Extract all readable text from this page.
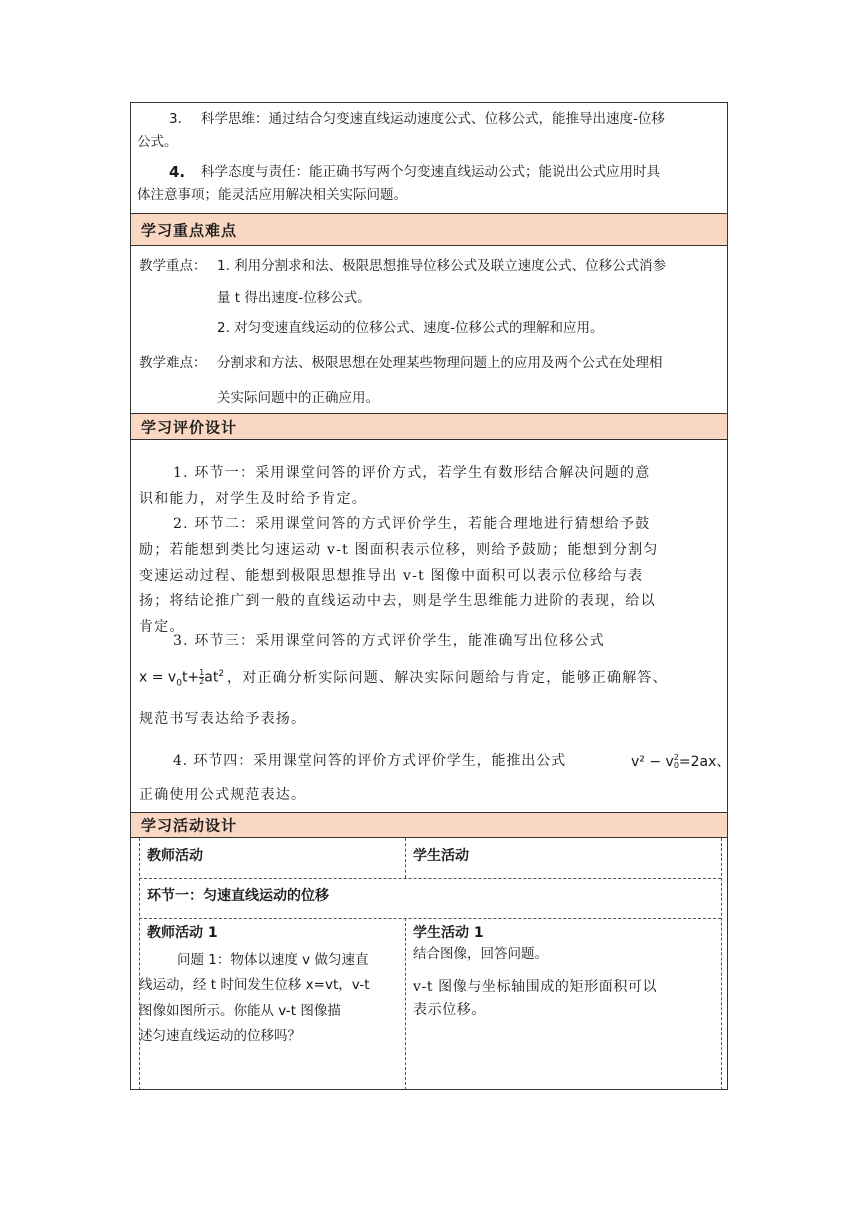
3. 科学思维：通过结合匀变速直线运动速度公式、位移公式，能推导出速度-位移
公式。
4. 科学态度与责任：能正确书写两个匀变速直线运动公式；能说出公式应用时具
体注意事项；能灵活应用解决相关实际问题。
学习重点难点
教学重点： 1. 利用分割求和法、极限思想推导位移公式及联立速度公式、位移公式消参
量 t 得出速度-位移公式。
2. 对匀变速直线运动的位移公式、速度-位移公式的理解和应用。
教学难点： 分割求和方法、极限思想在处理某些物理问题上的应用及两个公式在处理相
关实际问题中的正确应用。
学习评价设计
1. 环节一：采用课堂问答的评价方式，若学生有数形结合解决问题的意
识和能力，对学生及时给予肯定。
2. 环节二：采用课堂问答的方式评价学生，若能合理地进行猜想给予鼓
励；若能想到类比匀速运动 v-t 图面积表示位移，则给予鼓励；能想到分割匀
变速运动过程、能想到极限思想推导出 v-t 图像中面积可以表示位移给与表
扬；将结论推广到一般的直线运动中去，则是学生思维能力进阶的表现，给以
肯定。
3. 环节三：采用课堂问答的方式评价学生，能准确写出位移公式
$x = v_0t+ \frac{1}{2} at^2$ ，对正确分析实际问题、解决实际问题给与肯定，能够正确解答、
规范书写表达给予表扬。
4. 环节四：采用课堂问答的评价方式评价学生，能推出公式	v² − v 2
0 =2ax、
正确使用公式规范表达。
学习活动设计
教师活动	学生活动
环节一：匀速直线运动的位移
教师活动 1
问题 1：物体以速度 v 做匀速直
线运动，经 t 时间发生位移 x=vt，v-t
图像如图所示。你能从 v-t 图像描
述匀速直线运动的位移吗？
学生活动 1
结合图像，回答问题。
v-t 图像与坐标轴围成的矩形面积可以
表示位移。
